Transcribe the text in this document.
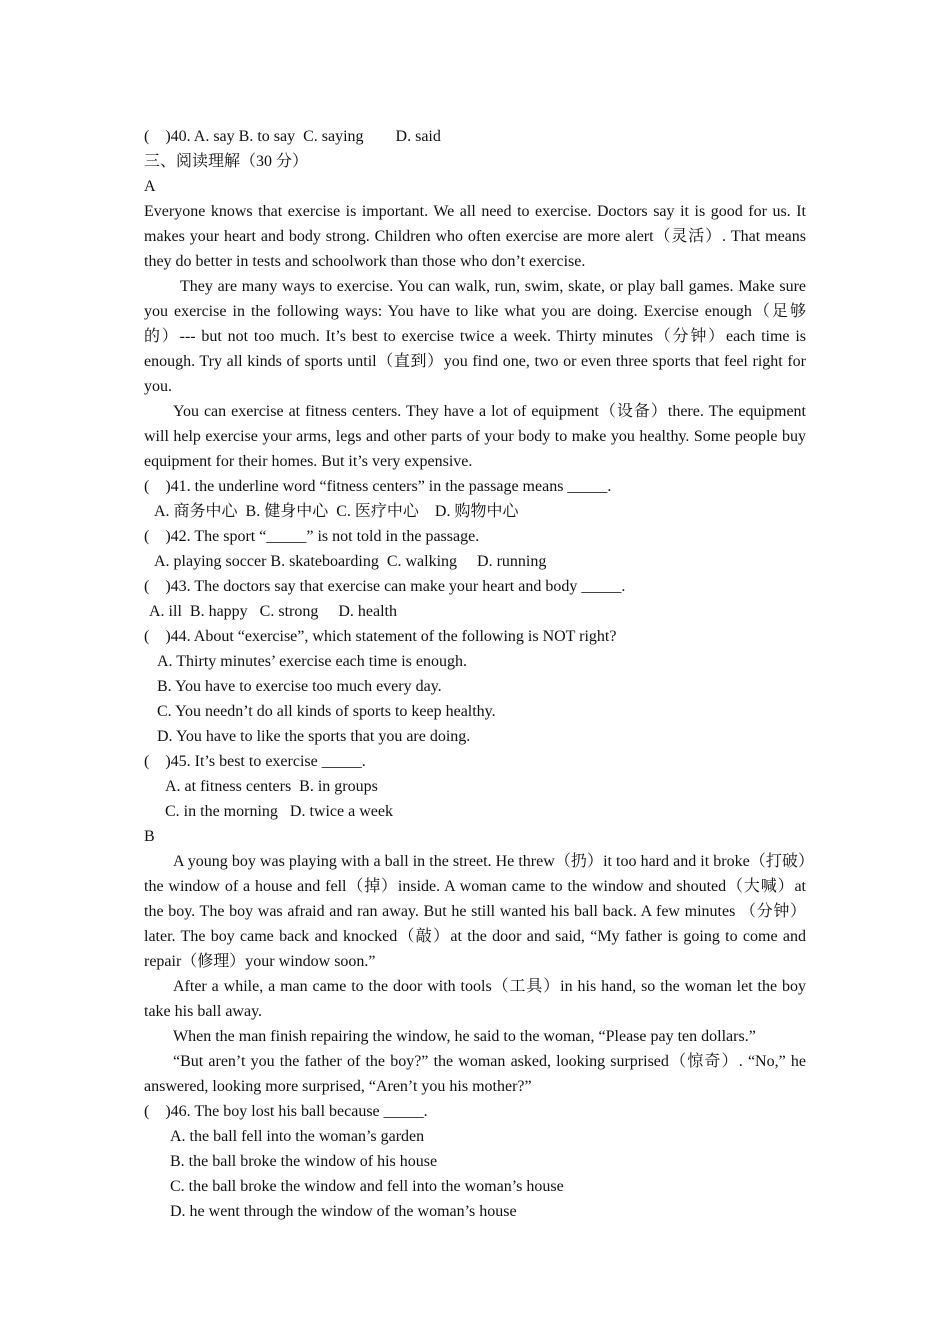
(    )40. A. say B. to say  C. saying        D. said

三、阅读理解（30 分）

A

Everyone knows that exercise is important. We all need to exercise. Doctors say it is good for us. It makes your heart and body strong. Children who often exercise are more alert（灵活）. That means they do better in tests and schoolwork than those who don’t exercise.

They are many ways to exercise. You can walk, run, swim, skate, or play ball games. Make sure you exercise in the following ways: You have to like what you are doing. Exercise enough（足够的）--- but not too much. It’s best to exercise twice a week. Thirty minutes（分钟）each time is enough. Try all kinds of sports until（直到）you find one, two or even three sports that feel right for you.

You can exercise at fitness centers. They have a lot of equipment（设备）there. The equipment will help exercise your arms, legs and other parts of your body to make you healthy. Some people buy equipment for their homes. But it’s very expensive.

(    )41. the underline word “fitness centers” in the passage means _____.

A. 商务中心  B. 健身中心  C. 医疗中心    D. 购物中心

(    )42. The sport “_____” is not told in the passage.

A. playing soccer B. skateboarding  C. walking     D. running

(    )43. The doctors say that exercise can make your heart and body _____.

A. ill  B. happy   C. strong     D. health

(    )44. About “exercise”, which statement of the following is NOT right?

A. Thirty minutes’ exercise each time is enough.
B. You have to exercise too much every day.
C. You needn’t do all kinds of sports to keep healthy.
D. You have to like the sports that you are doing.

(    )45. It’s best to exercise _____.

A. at fitness centers  B. in groups
C. in the morning   D. twice a week

B

A young boy was playing with a ball in the street. He threw（扔）it too hard and it broke（打破）the window of a house and fell（掉）inside. A woman came to the window and shouted（大喊）at the boy. The boy was afraid and ran away. But he still wanted his ball back. A few minutes （分钟）later. The boy came back and knocked（敲）at the door and said, “My father is going to come and repair（修理）your window soon.”

After a while, a man came to the door with tools（工具）in his hand, so the woman let the boy take his ball away.

When the man finish repairing the window, he said to the woman, “Please pay ten dollars.”

“But aren’t you the father of the boy?” the woman asked, looking surprised（惊奇）. “No,” he answered, looking more surprised, “Aren’t you his mother?”

(    )46. The boy lost his ball because _____.

A. the ball fell into the woman’s garden
B. the ball broke the window of his house
C. the ball broke the window and fell into the woman’s house
D. he went through the window of the woman’s house
